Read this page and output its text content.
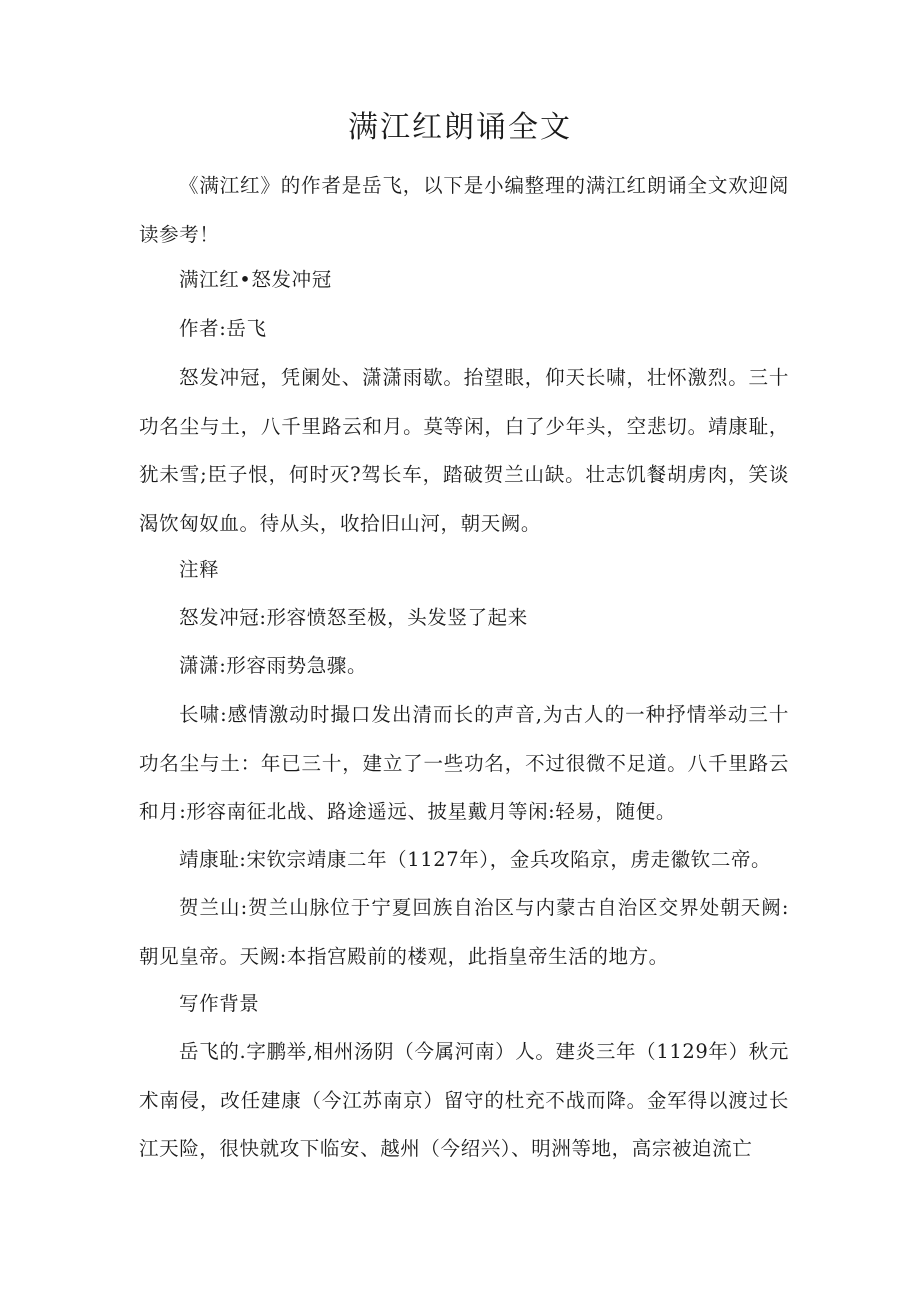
满江红朗诵全文

《满江红》的作者是岳飞，以下是小编整理的满江红朗诵全文欢迎阅读参考！

满江红•怒发冲冠

作者:岳飞

怒发冲冠，凭阑处、潇潇雨歇。抬望眼，仰天长啸，壮怀激烈。三十功名尘与土，八千里路云和月。莫等闲，白了少年头，空悲切。靖康耻，犹未雪;臣子恨，何时灭?驾长车，踏破贺兰山缺。壮志饥餐胡虏肉，笑谈渴饮匈奴血。待从头，收拾旧山河，朝天阙。

注释

怒发冲冠:形容愤怒至极，头发竖了起来

潇潇:形容雨势急骤。

长啸:感情激动时撮口发出清而长的声音,为古人的一种抒情举动三十功名尘与土：年已三十，建立了一些功名，不过很微不足道。八千里路云和月:形容南征北战、路途遥远、披星戴月等闲:轻易，随便。

靖康耻:宋钦宗靖康二年（1127年），金兵攻陷京，虏走徽钦二帝。

贺兰山:贺兰山脉位于宁夏回族自治区与内蒙古自治区交界处朝天阙:朝见皇帝。天阙:本指宫殿前的楼观，此指皇帝生活的地方。

写作背景

岳飞的.字鹏举,相州汤阴（今属河南）人。建炎三年（1129年）秋元术南侵，改任建康（今江苏南京）留守的杜充不战而降。金军得以渡过长江天险，很快就攻下临安、越州（今绍兴）、明洲等地，高宗被迫流亡
